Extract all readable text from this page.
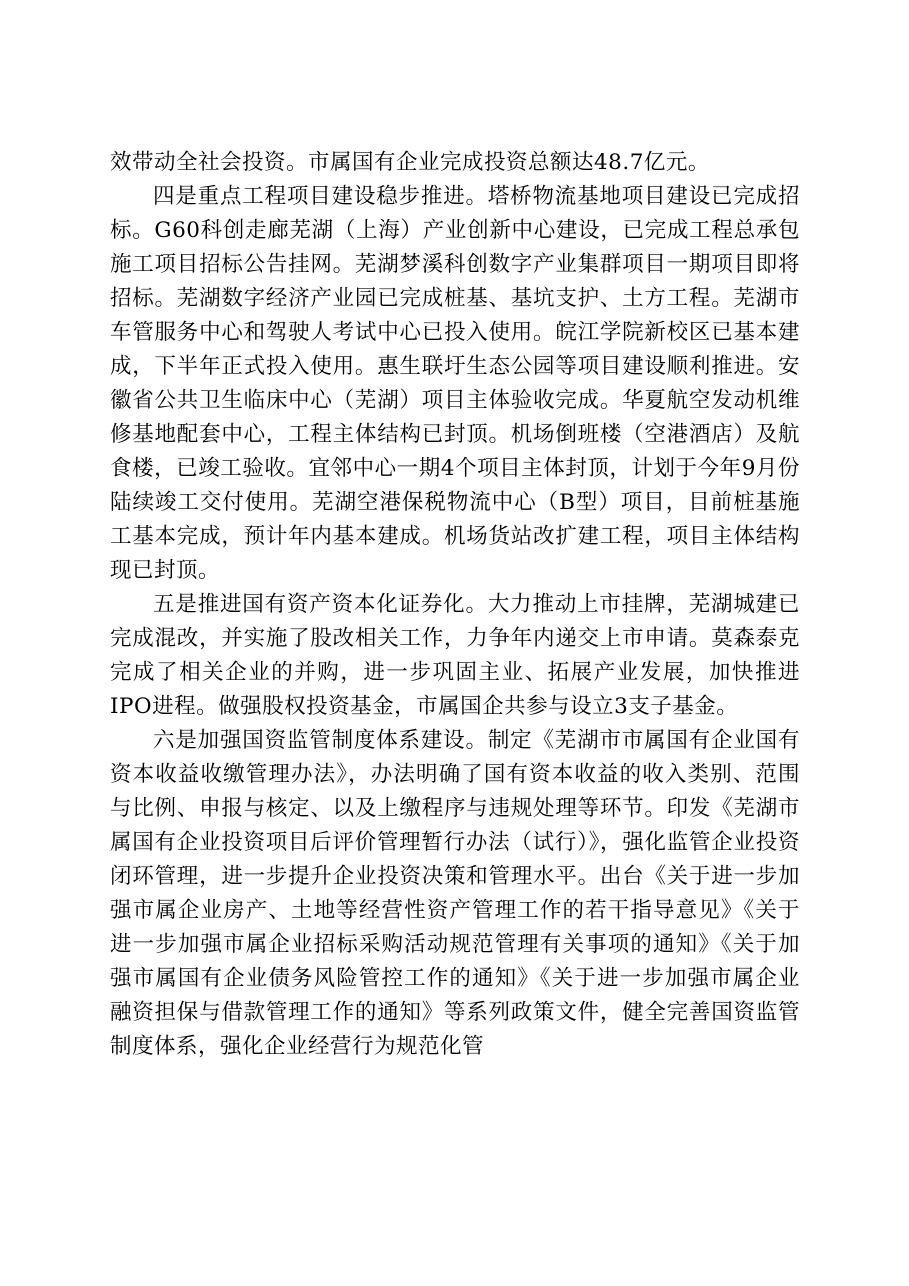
效带动全社会投资。市属国有企业完成投资总额达48.7亿元。

四是重点工程项目建设稳步推进。塔桥物流基地项目建设已完成招标。G60科创走廊芜湖（上海）产业创新中心建设，已完成工程总承包施工项目招标公告挂网。芜湖梦溪科创数字产业集群项目一期项目即将招标。芜湖数字经济产业园已完成桩基、基坑支护、土方工程。芜湖市车管服务中心和驾驶人考试中心已投入使用。皖江学院新校区已基本建成，下半年正式投入使用。惠生联圩生态公园等项目建设顺利推进。安徽省公共卫生临床中心（芜湖）项目主体验收完成。华夏航空发动机维修基地配套中心，工程主体结构已封顶。机场倒班楼（空港酒店）及航食楼，已竣工验收。宜邻中心一期4个项目主体封顶，计划于今年9月份陆续竣工交付使用。芜湖空港保税物流中心（B型）项目，目前桩基施工基本完成，预计年内基本建成。机场货站改扩建工程，项目主体结构现已封顶。

五是推进国有资产资本化证券化。大力推动上市挂牌，芜湖城建已完成混改，并实施了股改相关工作，力争年内递交上市申请。莫森泰克完成了相关企业的并购，进一步巩固主业、拓展产业发展，加快推进IPO进程。做强股权投资基金，市属国企共参与设立3支子基金。

六是加强国资监管制度体系建设。制定《芜湖市市属国有企业国有资本收益收缴管理办法》，办法明确了国有资本收益的收入类别、范围与比例、申报与核定、以及上缴程序与违规处理等环节。印发《芜湖市属国有企业投资项目后评价管理暂行办法（试行）》，强化监管企业投资闭环管理，进一步提升企业投资决策和管理水平。出台《关于进一步加强市属企业房产、土地等经营性资产管理工作的若干指导意见》《关于进一步加强市属企业招标采购活动规范管理有关事项的通知》《关于加强市属国有企业债务风险管控工作的通知》《关于进一步加强市属企业融资担保与借款管理工作的通知》等系列政策文件，健全完善国资监管制度体系，强化企业经营行为规范化管
